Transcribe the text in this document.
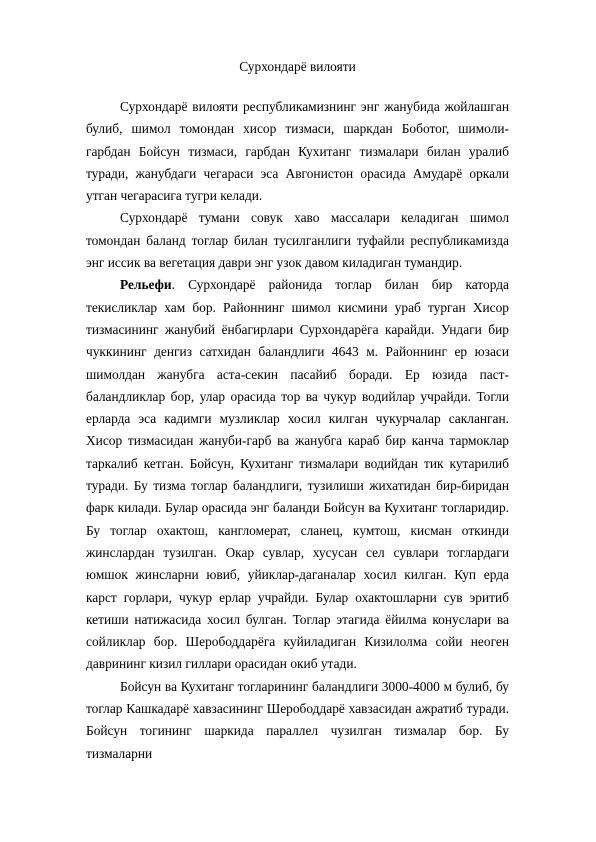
Сурхондарё вилояти

Сурхондарё вилояти республикамизнинг энг жанубида жойлашган булиб, шимол томондан хисор тизмаси, шаркдан Боботог, шимоли-гарбдан Бойсун тизмаси, гарбдан Кухитанг тизмалари билан уралиб туради, жанубдаги чегараси эса Авгонистон орасида Амударё оркали утган чегарасига тугри келади.

Сурхондарё тумани совук хаво массалари келадиган шимол томондан баланд тоглар билан тусилганлиги туфайли республикамизда энг иссик ва вегетация даври энг узок давом киладиган тумандир.

Рельефи. Сурхондарё районида тоглар билан бир каторда текисликлар хам бор. Районнинг шимол кисмини ураб турган Хисор тизмасининг жанубий ёнбагирлари Сурхондарёга карайди. Ундаги бир чуккининг денгиз сатхидан баландлиги 4643 м. Районнинг ер юзаси шимолдан жанубга аста-секин пасайиб боради. Ер юзида паст-баландликлар бор, улар орасида тор ва чукур водийлар учрайди. Тогли ерларда эса кадимги музликлар хосил килган чукурчалар сакланган. Хисор тизмасидан жануби-гарб ва жанубга караб бир канча тармоклар таркалиб кетган. Бойсун, Кухитанг тизмалари водийдан тик кутарилиб туради. Бу тизма тоглар баландлиги, тузилиши жихатидан бир-биридан фарк килади. Булар орасида энг баланди Бойсун ва Кухитанг тогларидир. Бу тоглар охактош, кангломерат, сланец, кумтош, кисман откинди жинслардан тузилган. Окар сувлар, хусусан сел сувлари тоглардаги юмшок жинсларни ювиб, уйиклар-даганалар хосил килган. Куп ерда карст горлари, чукур ерлар учрайди. Булар охактошларни сув эритиб кетиши натижасида хосил булган. Тоглар этагида ёйилма конуслари ва сойликлар бор. Шерободдарёга куйиладиган Кизилолма сойи неоген даврининг кизил гиллари орасидан окиб утади.

Бойсун ва Кухитанг тогларининг баландлиги 3000-4000 м булиб, бу тоглар Кашкадарё хавзасининг Шерободдарё хавзасидан ажратиб туради. Бойсун тогининг шаркида параллел чузилган тизмалар бор. Бу тизмаларни
